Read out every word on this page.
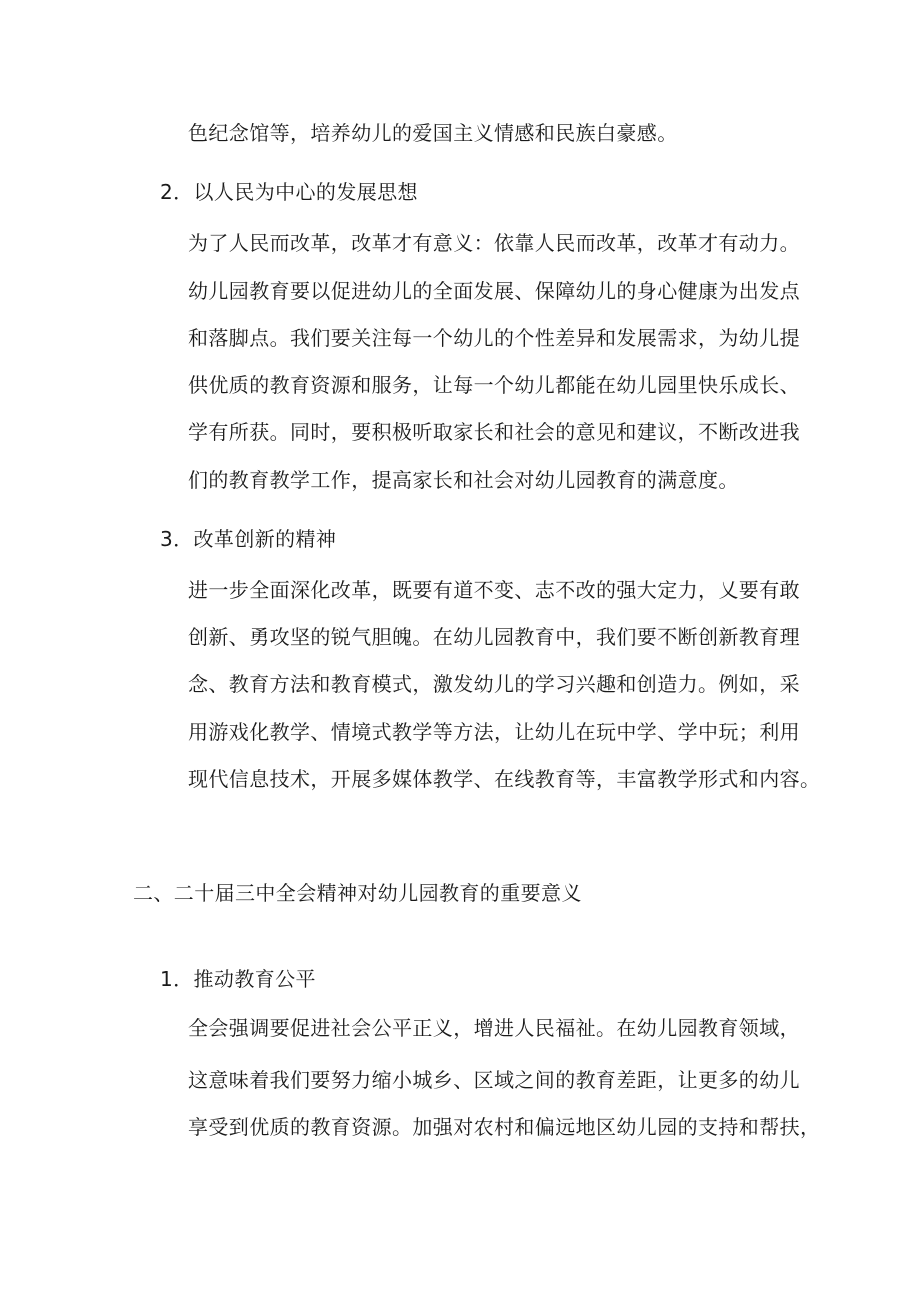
色纪念馆等，培养幼儿的爱国主义情感和民族白豪感。

2．以人民为中心的发展思想

为了人民而改革，改革才有意义：依靠人民而改革，改革才有动力。

幼儿园教育要以促进幼儿的全面发展、保障幼儿的身心健康为出发点

和落脚点。我们要关注每一个幼儿的个性差异和发展需求，为幼儿提

供优质的教育资源和服务，让每一个幼儿都能在幼儿园里快乐成长、

学有所获。同时，要积极听取家长和社会的意见和建议，不断改进我

们的教育教学工作，提高家长和社会对幼儿园教育的满意度。

3．改革创新的精神

进一步全面深化改革，既要有道不变、志不改的强大定力，乂要有敢

创新、勇攻坚的锐气胆魄。在幼儿园教育中，我们要不断创新教育理

念、教育方法和教育模式，激发幼儿的学习兴趣和创造力。例如，采

用游戏化教学、情境式教学等方法，让幼儿在玩中学、学中玩；利用

现代信息技术，开展多媒体教学、在线教育等，丰富教学形式和内容。

二、二十届三中全会精神对幼儿园教育的重要意义

1．推动教育公平

全会强调要促进社会公平正义，增进人民福祉。在幼儿园教育领域，

这意味着我们要努力缩小城乡、区域之间的教育差距，让更多的幼儿

享受到优质的教育资源。加强对农村和偏远地区幼儿园的支持和帮扶，
